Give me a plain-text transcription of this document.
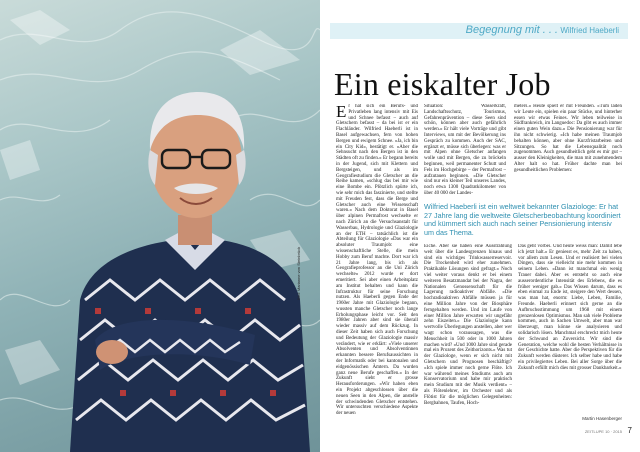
Bild: Marianne von Steinbrück
Begegnung mit . . . Wilfried Haeberli
Ein eiskalter Job
E r hat sich ein Berufs- und Privatleben lang intensiv mit Eis und Schnee befasst – auch auf Gletschern befasst – da bei ist er ein Flachländer. Wilfried Haeberli ist in Basel aufgewachsen, fern von hohen Bergen und ewigem Schnee. «Ja, ich bin ein City Kid», bestätigt er. «Aber die Sehnsucht nach den Bergen ist in den Städten oft zu finden.» Er begann bereits in der Jugend, sich mit Klettern und Bergsteigen, und als im Geografiestudium die Gletscher an die Reihe kamen, «schlug das bei mir wie eine Bombe ein. Plötzlich spürte ich, wie sehr mich das faszinierte, und stellte mit Freuden fest, dass die Berge und Gletscher auch eine Wissenschaft waren.» Nach dem Doktorat in Basel über alpinen Permafrost wechselte er nach Zürich an die Versuchsanstalt für Wasserbau, Hydrologie und Glaziologie an der ETH – tatsächlich ist die Abteilung für Glaziologie «Das war ein absoluter Traumjob: eine wissenschaftliche Stelle, die mein Hobby zum Beruf machte. Dort war ich 21 Jahre lang, bis ich als Geografieprofessor an die Uni Zürich wechselte» 2012 wurde er dort emeritiert. Sei aber einen Arbeitsplatz am Institut behalten und kann die Infrastruktur für seine Forschung nutzen. Als Haeberli gegen Ende der 1960er Jahre mit Glaziologie begann, wussten manche Gletscher noch lange Erholungsphase leicht vor. Seit den 1980er Jahren aber sind sie überall wieder massiv auf dem Rückzug. In dieser Zeit haben sich auch Forschung und Bedeutung der Glaziologie massiv verändert, wie er erklärt: «Viele unserer Absolventen und Absolventinnen erkannten bessere Berufsaussichten in der Informatik oder bei kantonalen und eidgenössischen Ämtern. Da wurden ganz neue Berufe geschaffen.» In der Zukunft sieht er grosse Herausforderungen. «Wir haben eben ein Projekt abgeschlossen über die neuen Seen in den Alpen, die anstelle der schwindenden Gletscher entstehen. Wir untersuchten verschiedene Aspekte der neuen

Situation: Wasserkraft, Landschaftsschutz, Tourismus, Gefahrenprävention – diese Seen sind schön, können aber auch gefährlich werden.» Er hält viele Vorträge und gibt Interviews, um mit der Bevölkerung ins Gespräch zu kommen. Auch der SAC, ergänzt er, müsse sich überlegen: was er mit Alpen ohne Gletscher anfangen wolle und mit Bergen, die zu bröckeln beginnen, weil permanenter Schutt und Fels im Hochgebirge – der Permafrost – aufzutauen beginnen. «Die Gletscher sind nur ein kleiner Teil unseres Landes, noch etwa 1300 Quadratkilometer von über 40 000 der Landes-

meters.» Heute spielt er mit Freunden. «Tüm laden wir Leute ein, spielen ein paar Stücke, und hinterher essen wir etwas Feines. Wir leben teilweise in Südfrankreich, im Languedoc: Da gibt es auch immer einen guten Wein dazu.» Die Pensionierung war für ihn nicht schwierig. «Ich habe meinen Traumjob behalten können, aber ohne Kurzfristarbeiten und Sitzungen. So hat die Lebensqualität noch zugenommen. Auch gesundheitlich geht es mir gut – ausser den Kleinigkeiten, die man mit zunehmendem Alter halt so hat. Früher dachte man bei gesundheitlichen Problemen:

Wilfried Haeberli ist ein weltweit bekannter Glaziologe: Er hat 27 Jahre lang die weltweite Gletscherbeobachtung koordiniert und kümmert sich auch nach seiner Pensionierung intensiv um das Thema.

Eiche. Aber sie haben eine Ausstrahlung weit über die Landesgrenzen hinaus und sind ein wichtiges Trinkwasserreservoir. Die Trockenheit wird eher zunehmen. Praktikable Lösungen sind gefragt.» Noch viel weiter voraus denkt er bei einem weiteren Besatzmandat bei der Nagra, der Nationalen Genossenschaft für die Lagerung radioaktiver Abfälle. «Die hochradioaktiven Abfälle müssen ja für eine Million Jahre von der Biosphäre ferngehalten werden. Und im Laufe von einer Million Jahre erwarten wir ungefähr zehn Eiszeiten.» Die Glaziologie kann wertvolle Überlegungen anstellen, aber wer wagt schon voraussagen, was die Menschheit in 500 oder in 1000 Jahren machen wird? «Und 1000 Jahre sind gerade mal ein Prozent des Zeithorizonts.» Was tut der Glaziologe, wenn er sich nicht mit Gletschern und Prognosen beschäftigt? «Ich spiele immer noch gerne Flöte. Ich war während meines Studiums auch am Konservatorium und habe mir praktisch mein Studium mit der Musik verdient» – als Flötenlehrer, im Orchester und als Flötist für die möglichen Gelegenheiten: Bergbahnen, Taufen, Hoch-

Das geht vorbei. Und heute weiss man: Damit lebe ich jetzt halt.» Er geniesst es, mehr Zeit zu haben, vor allem zum Lesen. Und er realisiert bei vielen Dingen, dass sie vielleicht nie mehr kommen in seinem Leben. «Dann ist manchmal ein wenig Trauer dabei. Aber es entsteht so auch eine ausserordentliche Intensität des Erlebens, die es früher weniger gab.» Das Wissen darum, dass es eben einmal zu Ende ist, steigere den Wert dessen, was man hat, enorm: Liebe, Leben, Familie, Freunde. Haeberli erinnert sich gerne an die Aufbruchsstimmung um 1968 mit einem grenzenlosen Optimismus. Man sah viele Probleme kommen, auch in Sachen Umwelt, aber man war überzeugt, man könne sie analysieren und solidarisch lösen. Manchmal erschreckt mich heute der Schwund an Zuversicht. Wir sind die Generation, welche wohl die besten Verhältnisse in der Geschichte hatte. Aber die Perspektiven für die Zukunft werden düsterer. Ich selber habe und habe ein privilegiertes Leben. Bei aller Sorge über die Zukunft erfüllt mich dies mit grosser Dankbarkeit.»

Martin Hasenberger
ZEITLUPE 10 · 2015 7
